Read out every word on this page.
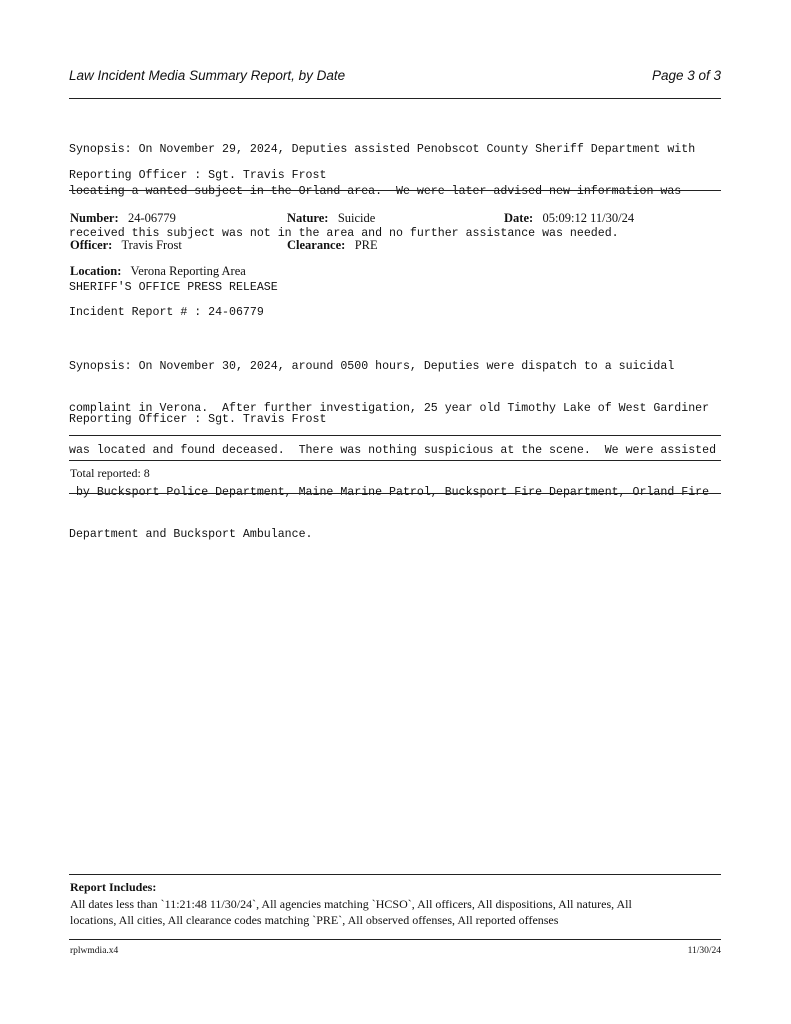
Law Incident Media Summary Report, by Date	Page 3 of 3

Synopsis: On November 29, 2024, Deputies assisted Penobscot County Sheriff Department with

locating a wanted subject in the Orland area.  We were later advised new information was

received this subject was not in the area and no further assistance was needed.

Reporting Officer : Sgt. Travis Frost
Number: 24-06779	Nature: Suicide	Date: 05:09:12 11/30/24
Officer: Travis Frost	Clearance: PRE
Location: Verona Reporting Area
SHERIFF'S OFFICE PRESS RELEASE
Incident Report # : 24-06779

Synopsis: On November 30, 2024, around 0500 hours, Deputies were dispatch to a suicidal

complaint in Verona.  After further investigation, 25 year old Timothy Lake of West Gardiner

was located and found deceased.  There was nothing suspicious at the scene.  We were assisted

by Bucksport Police Department, Maine Marine Patrol, Bucksport Fire Department, Orland Fire

Department and Bucksport Ambulance.

Reporting Officer : Sgt. Travis Frost
Total reported: 8
Report Includes:
All dates less than `11:21:48 11/30/24`, All agencies matching `HCSO`, All officers, All dispositions, All natures, All
locations, All cities, All clearance codes matching `PRE`, All observed offenses, All reported offenses
rplwmdia.x4	11/30/24
